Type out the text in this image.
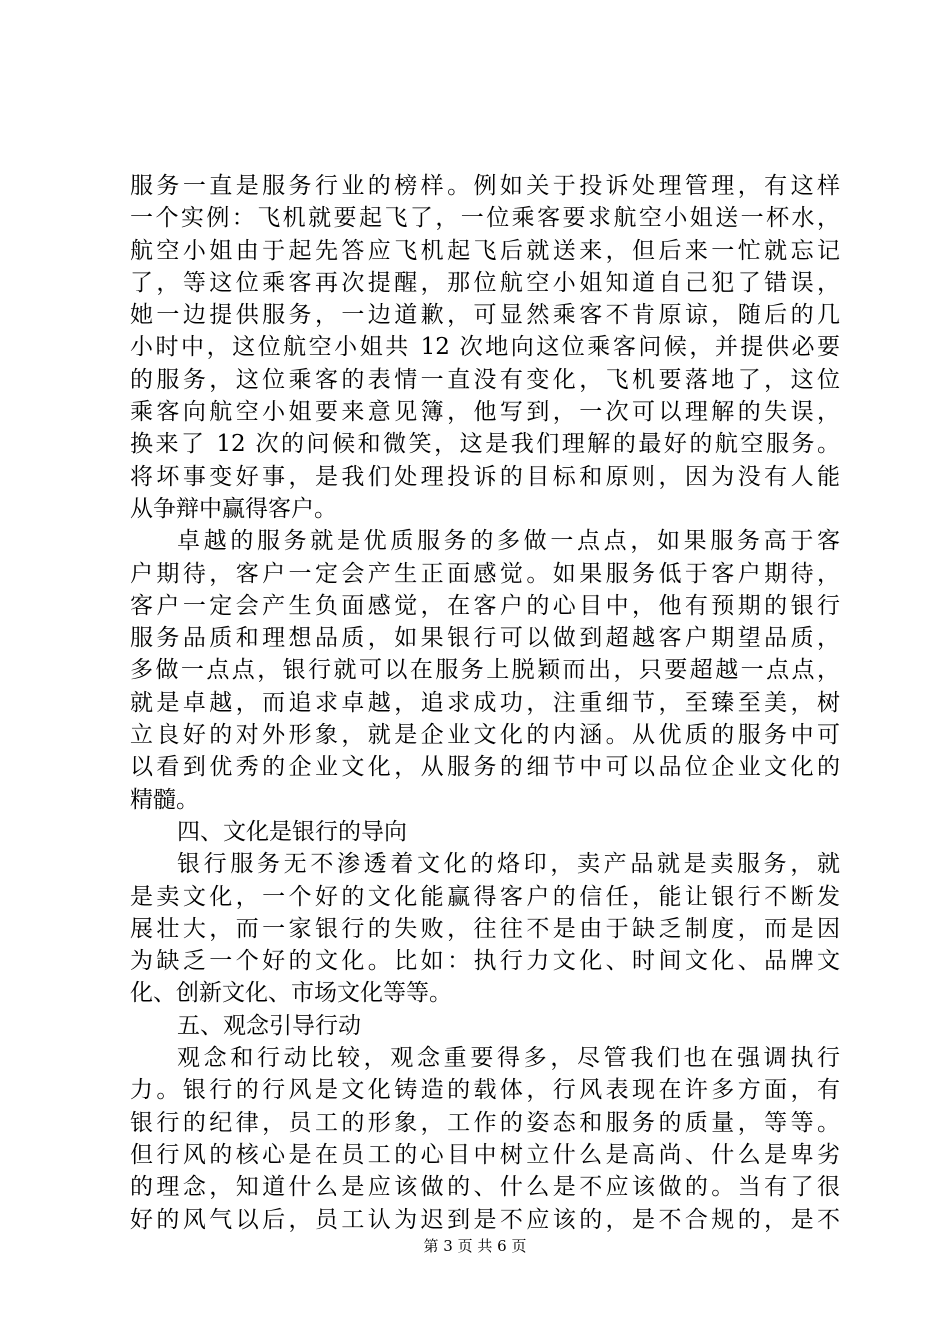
服务一直是服务行业的榜样。例如关于投诉处理管理，有这样
一个实例：飞机就要起飞了，一位乘客要求航空小姐送一杯水，
航空小姐由于起先答应飞机起飞后就送来，但后来一忙就忘记
了，等这位乘客再次提醒，那位航空小姐知道自己犯了错误，
她一边提供服务，一边道歉，可显然乘客不肯原谅，随后的几
小时中，这位航空小姐共 12 次地向这位乘客问候，并提供必要
的服务，这位乘客的表情一直没有变化，飞机要落地了，这位
乘客向航空小姐要来意见簿，他写到，一次可以理解的失误，
换来了 12 次的问候和微笑，这是我们理解的最好的航空服务。
将坏事变好事，是我们处理投诉的目标和原则，因为没有人能
从争辩中赢得客户。
卓越的服务就是优质服务的多做一点点，如果服务高于客
户期待，客户一定会产生正面感觉。如果服务低于客户期待，
客户一定会产生负面感觉，在客户的心目中，他有预期的银行
服务品质和理想品质，如果银行可以做到超越客户期望品质，
多做一点点，银行就可以在服务上脱颖而出，只要超越一点点，
就是卓越，而追求卓越，追求成功，注重细节，至臻至美，树
立良好的对外形象，就是企业文化的内涵。从优质的服务中可
以看到优秀的企业文化，从服务的细节中可以品位企业文化的
精髓。
四、文化是银行的导向
银行服务无不渗透着文化的烙印，卖产品就是卖服务，就
是卖文化，一个好的文化能赢得客户的信任，能让银行不断发
展壮大，而一家银行的失败，往往不是由于缺乏制度，而是因
为缺乏一个好的文化。比如：执行力文化、时间文化、品牌文
化、创新文化、市场文化等等。
五、观念引导行动
观念和行动比较，观念重要得多，尽管我们也在强调执行
力。银行的行风是文化铸造的载体，行风表现在许多方面，有
银行的纪律，员工的形象，工作的姿态和服务的质量，等等。
但行风的核心是在员工的心目中树立什么是高尚、什么是卑劣
的理念，知道什么是应该做的、什么是不应该做的。当有了很
好的风气以后，员工认为迟到是不应该的，是不合规的，是不
第 3 页 共 6 页
